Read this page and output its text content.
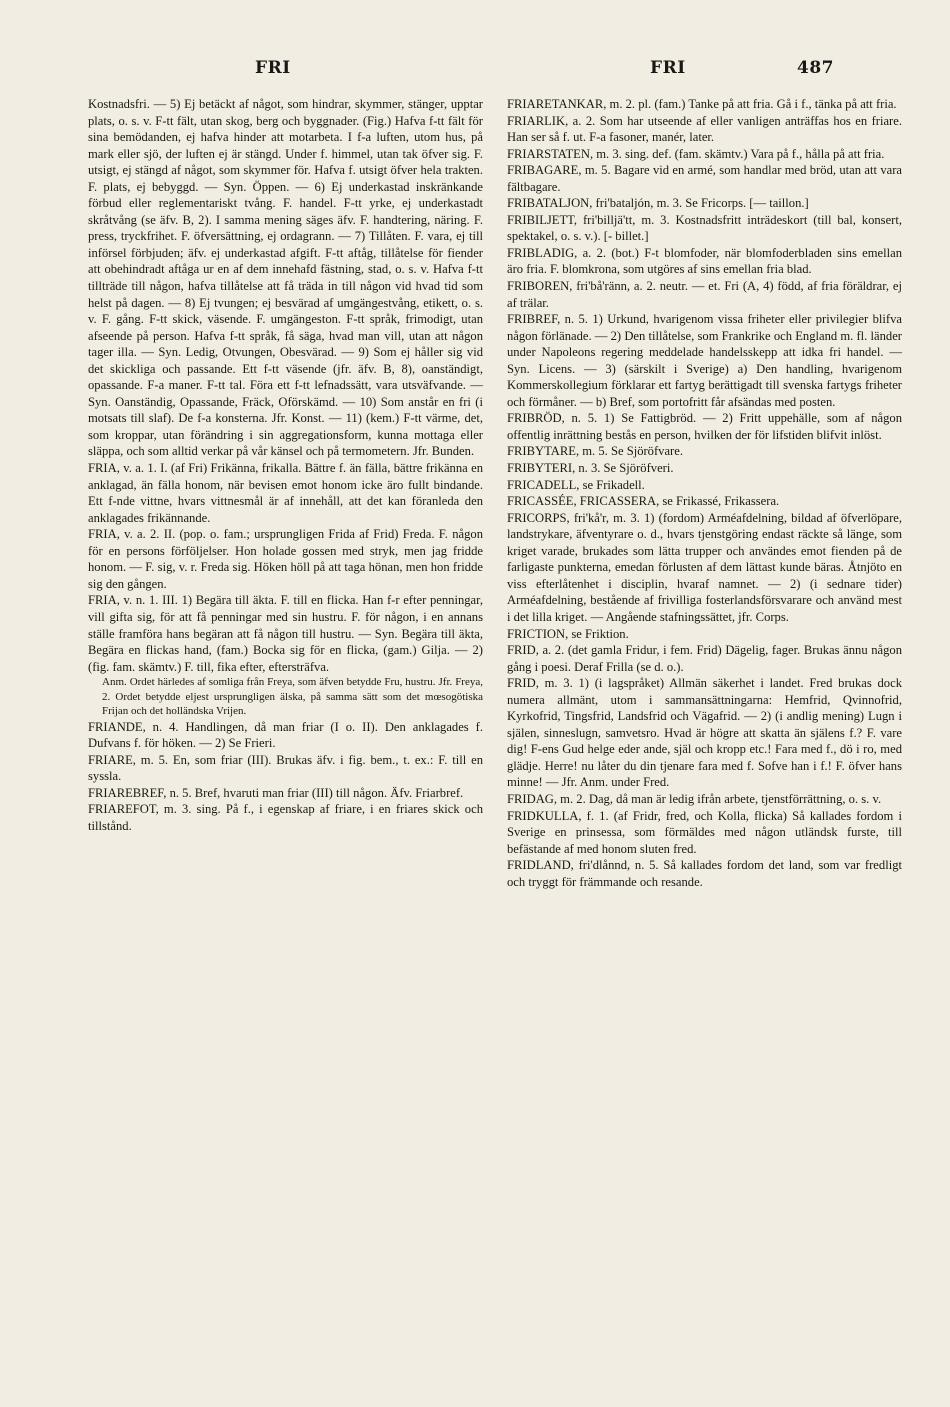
FRI	FRI	487

Kostnadsfri. — 5) Ej betäckt af något, som hindrar, skymmer, stänger, upptar plats, o. s. v. F-tt fält, utan skog, berg och byggnader. (Fig.) Hafva f-tt fält för sina bemödanden, ej hafva hinder att motarbeta. I f-a luften, utom hus, på mark eller sjö, der luften ej är stängd. Under f. himmel, utan tak öfver sig. F. utsigt, ej stängd af något, som skymmer för. Hafva f. utsigt öfver hela trakten. F. plats, ej bebyggd. — Syn. Öppen. — 6) Ej underkastad inskränkande förbud eller reglementariskt tvång. F. handel. F-tt yrke, ej underkastadt skråtvång (se äfv. B, 2). I samma mening säges äfv. F. handtering, näring. F. press, tryckfrihet. F. öfversättning, ej ordagrann. — 7) Tillåten. F. vara, ej till införsel förbjuden; äfv. ej underkastad afgift. F-tt aftåg, tillåtelse för fiender att obehindradt aftåga ur en af dem innehafd fästning, stad, o. s. v. Hafva f-tt tillträde till någon, hafva tillåtelse att få träda in till någon vid hvad tid som helst på dagen. — 8) Ej tvungen; ej besvärad af umgängestvång, etikett, o. s. v. F. gång. F-tt skick, väsende. F. umgängeston. F-tt språk, frimodigt, utan afseende på person. Hafva f-tt språk, få säga, hvad man vill, utan att någon tager illa. — Syn. Ledig, Otvungen, Obesvärad. — 9) Som ej håller sig vid det skickliga och passande. Ett f-tt väsende (jfr. äfv. B, 8), oanständigt, opassande. F-a maner. F-tt tal. Föra ett f-tt lefnadssätt, vara utsväfvande. — Syn. Oanständig, Opassande, Fräck, Oförskämd. — 10) Som anstår en fri (i motsats till slaf). De f-a konsterna. Jfr. Konst. — 11) (kem.) F-tt värme, det, som kroppar, utan förändring i sin aggregationsform, kunna mottaga eller släppa, och som alltid verkar på vår känsel och på termometern. Jfr. Bunden.

FRIA, v. a. 1. I. (af Fri) Frikänna, frikalla. Bättre f. än fälla, bättre frikänna en anklagad, än fälla honom, när bevisen emot honom icke äro fullt bindande. Ett f-nde vittne, hvars vittnesmål är af innehåll, att det kan föranleda den anklagades frikännande.

FRIA, v. a. 2. II. (pop. o. fam.; ursprungligen Frida af Frid) Freda. F. någon för en persons förföljelser. Hon holade gossen med stryk, men jag fridde honom. — F. sig, v. r. Freda sig. Höken höll på att taga hönan, men hon fridde sig den gången.

FRIA, v. n. 1. III. 1) Begära till äkta. F. till en flicka. Han f-r efter penningar, vill gifta sig, för att få penningar med sin hustru. F. för någon, i en annans ställe framföra hans begäran att få någon till hustru. — Syn. Begära till äkta, Begära en flickas hand, (fam.) Bocka sig för en flicka, (gam.) Gilja. — 2) (fig. fam. skämtv.) F. till, fika efter, eftersträfva.

Anm. Ordet härledes af somliga från Freya, som äfven betydde Fru, hustru. Jfr. Freya, 2. Ordet betydde eljest ursprungligen älska, på samma sätt som det mœsogötiska Frijan och det holländska Vrijen.

FRIANDE, n. 4. Handlingen, då man friar (I o. II). Den anklagades f. Dufvans f. för höken. — 2) Se Frieri.

FRIARE, m. 5. En, som friar (III). Brukas äfv. i fig. bem., t. ex.: F. till en syssla.

FRIAREBREF, n. 5. Bref, hvaruti man friar (III) till någon. Äfv. Friarbref.

FRIAREFOT, m. 3. sing. På f., i egenskap af friare, i en friares skick och tillstånd.

FRIARETANKAR, m. 2. pl. (fam.) Tanke på att fria. Gå i f., tänka på att fria.

FRIARLIK, a. 2. Som har utseende af eller vanligen anträffas hos en friare. Han ser så f. ut. F-a fasoner, manér, later.

FRIARSTATEN, m. 3. sing. def. (fam. skämtv.) Vara på f., hålla på att fria.

FRIBAGARE, m. 5. Bagare vid en armé, som handlar med bröd, utan att vara fältbagare.

FRIBATALJON, fri'bataljón, m. 3. Se Fricorps. [— taillon.]

FRIBILJETT, fri'billjä'tt, m. 3. Kostnadsfritt inträdeskort (till bal, konsert, spektakel, o. s. v.). [- billet.]

FRIBLADIG, a. 2. (bot.) F-t blomfoder, när blomfoderbladen sins emellan äro fria. F. blomkrona, som utgöres af sins emellan fria blad.

FRIBOREN, fri'bå'ränn, a. 2. neutr. — et. Fri (A, 4) född, af fria föräldrar, ej af trälar.

FRIBREF, n. 5. 1) Urkund, hvarigenom vissa friheter eller privilegier blifva någon förlänade. — 2) Den tillåtelse, som Frankrike och England m. fl. länder under Napoleons regering meddelade handelsskepp att idka fri handel. — Syn. Licens. — 3) (särskilt i Sverige) a) Den handling, hvarigenom Kommerskollegium förklarar ett fartyg berättigadt till svenska fartygs friheter och förmåner. — b) Bref, som portofritt får afsändas med posten.

FRIBRÖD, n. 5. 1) Se Fattigbröd. — 2) Fritt uppehälle, som af någon offentlig inrättning bestås en person, hvilken der för lifstiden blifvit inlöst.

FRIBYTARE, m. 5. Se Sjöröfvare.

FRIBYTERI, n. 3. Se Sjöröfveri.

FRICADELL, se Frikadell.

FRICASSÉE, FRICASSERA, se Frikassé, Frikassera.

FRICORPS, fri'kå'r, m. 3. 1) (fordom) Arméafdelning, bildad af öfverlöpare, landstrykare, äfventyrare o. d., hvars tjenstgöring endast räckte så länge, som kriget varade, brukades som lätta trupper och användes emot fienden på de farligaste punkterna, emedan förlusten af dem lättast kunde bäras. Åtnjöto en viss efterlåtenhet i disciplin, hvaraf namnet. — 2) (i sednare tider) Arméafdelning, bestående af frivilliga fosterlandsförsvarare och använd mest i det lilla kriget. — Angående stafningssättet, jfr. Corps.

FRICTION, se Friktion.

FRID, a. 2. (det gamla Fridur, i fem. Frid) Dägelig, fager. Brukas ännu någon gång i poesi. Deraf Frilla (se d. o.).

FRID, m. 3. 1) (i lagspråket) Allmän säkerhet i landet. Fred brukas dock numera allmänt, utom i sammansättningarna: Hemfrid, Qvinnofrid, Kyrkofrid, Tingsfrid, Landsfrid och Vägafrid. — 2) (i andlig mening) Lugn i själen, sinneslugn, samvetsro. Hvad är högre att skatta än själens f.? F. vare dig! F-ens Gud helge eder ande, själ och kropp etc.! Fara med f., dö i ro, med glädje. Herre! nu låter du din tjenare fara med f. Sofve han i f.! F. öfver hans minne! — Jfr. Anm. under Fred.

FRIDAG, m. 2. Dag, då man är ledig ifrån arbete, tjenstförrättning, o. s. v.

FRIDKULLA, f. 1. (af Fridr, fred, och Kolla, flicka) Så kallades fordom i Sverige en prinsessa, som förmäldes med någon utländsk furste, till befästande af med honom sluten fred.

FRIDLAND, fri'dlånnd, n. 5. Så kallades fordom det land, som var fredligt och tryggt för främmande och resande.
